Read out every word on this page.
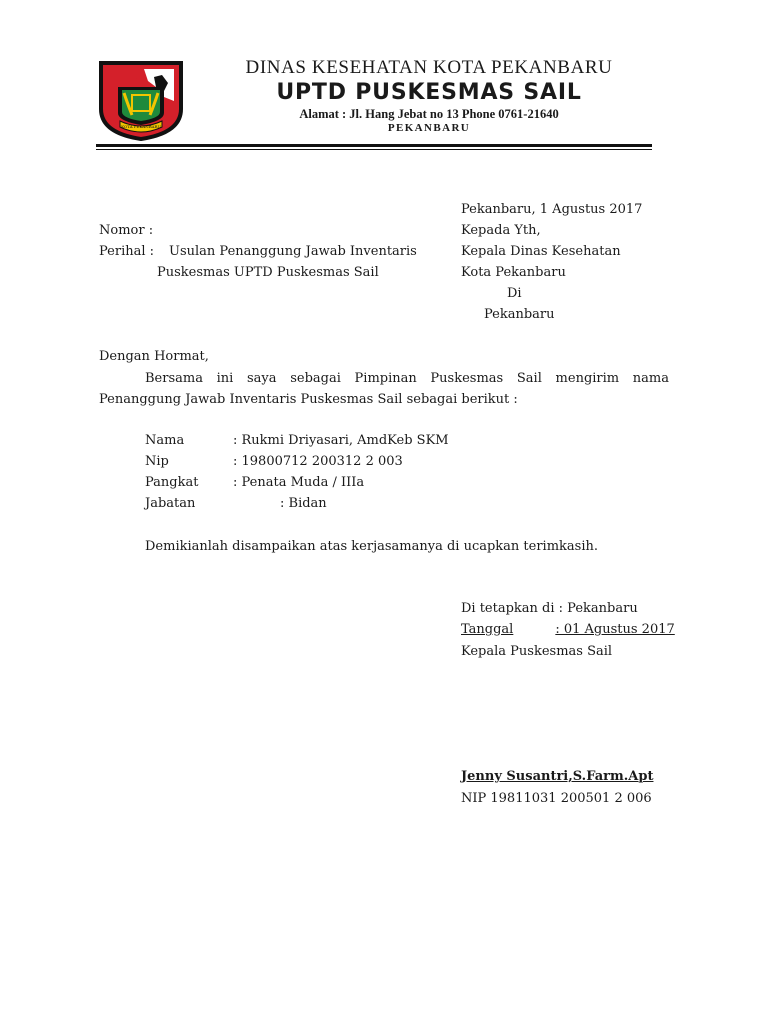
KOTA PEKANBARU
DINAS KESEHATAN KOTA PEKANBARU
UPTD PUSKESMAS SAIL
Alamat : Jl. Hang Jebat no 13 Phone 0761-21640
PEKANBARU
Pekanbaru, 1 Agustus 2017
Kepada Yth,
Kepala Dinas Kesehatan
Kota Pekanbaru
Di
Pekanbaru
Nomor :
Perihal : Usulan Penanggung Jawab Inventaris
Puskesmas UPTD Puskesmas Sail
Dengan Hormat,
Bersama ini saya sebagai Pimpinan Puskesmas Sail mengirim nama Penanggung Jawab Inventaris Puskesmas Sail sebagai berikut :
Nama	: Rukmi Driyasari, AmdKeb SKM
Nip	: 19800712 200312 2 003
Pangkat	: Penata Muda / IIIa
Jabatan	: Bidan
Demikianlah disampaikan atas kerjasamanya di ucapkan terimkasih.
Di tetapkan di : Pekanbaru
Tanggal	: 01 Agustus 2017
Kepala Puskesmas Sail
Jenny Susantri,S.Farm.Apt
NIP 19811031 200501 2 006
